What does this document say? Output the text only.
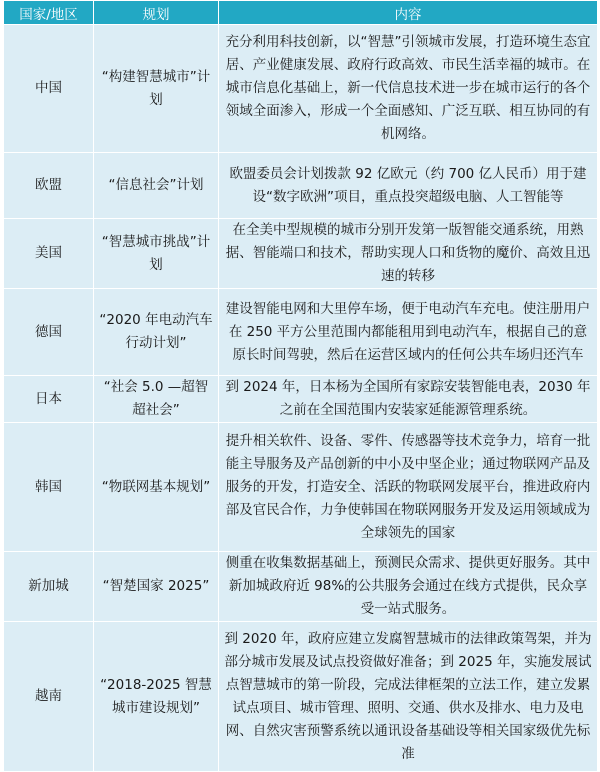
国家/地区	规划	内容
中国	“构建智慧城市”计划	充分利用科技创新，以“智慧”引领城市发展，打造环境生态宜居、产业健康发展、政府行政高效、市民生活幸福的城市。在城市信息化基础上，新一代信息技术进一步在城市运行的各个领域全面渗入，形成一个全面感知、广泛互联、相互协同的有机网络。
欧盟	“信息社会”计划	欧盟委员会计划拨款 92 亿欧元（约 700 亿人民币）用于建设“数字欧洲”项目，重点投突超级电脑、人工智能等
美国	“智慧城市挑战”计划	在全美中型规模的城市分别开发第一版智能交通系统，用熟据、智能端口和技术，帮助实现人口和货物的魔价、高效且迅速的转移
德国	“2020 年电动汽车行动计划”	建设智能电网和大里停车场，便于电动汽车充电。使注册用户在 250 平方公里范围内都能租用到电动汽车，根据自己的意原长时间驾驶，然后在运营区域内的任何公共车场归还汽车
日本	“社会 5.0 —超智超社会”	到 2024 年，日本杨为全国所有家踪安装智能电表，2030 年之前在全国范围内安装家延能源管理系统。
韩国	“物联网基本规划”	提升相关软件、设备、零件、传感器等技术竞争力，培育一批能主导服务及产品创新的中小及中坚企业；通过物联网产品及服务的开发，打造安全、活跃的物联网发展平台，推进政府内部及官民合作，力争使韩国在物联网服务开发及运用领域成为全球领先的国家
新加城	“智楚国家 2025”	侧重在收集数据基础上，预测民众需求、提供更好服务。其中新加城政府近 98%的公共服务会通过在线方式提供，民众享受一站式服务。
越南	“2018-2025 智慧城市建设规划”	到 2020 年，政府应建立发腐智慧城市的法律政策驾架，并为部分城市发展及试点投资做好准备；到 2025 年，实施发展试点智慧城市的第一阶段，完成法律框架的立法工作，建立发累试点项目、城市管理、照明、交通、供水及排水、电力及电网、自然灾害预警系统以通讯设备基础设等相关国家级优先标准
